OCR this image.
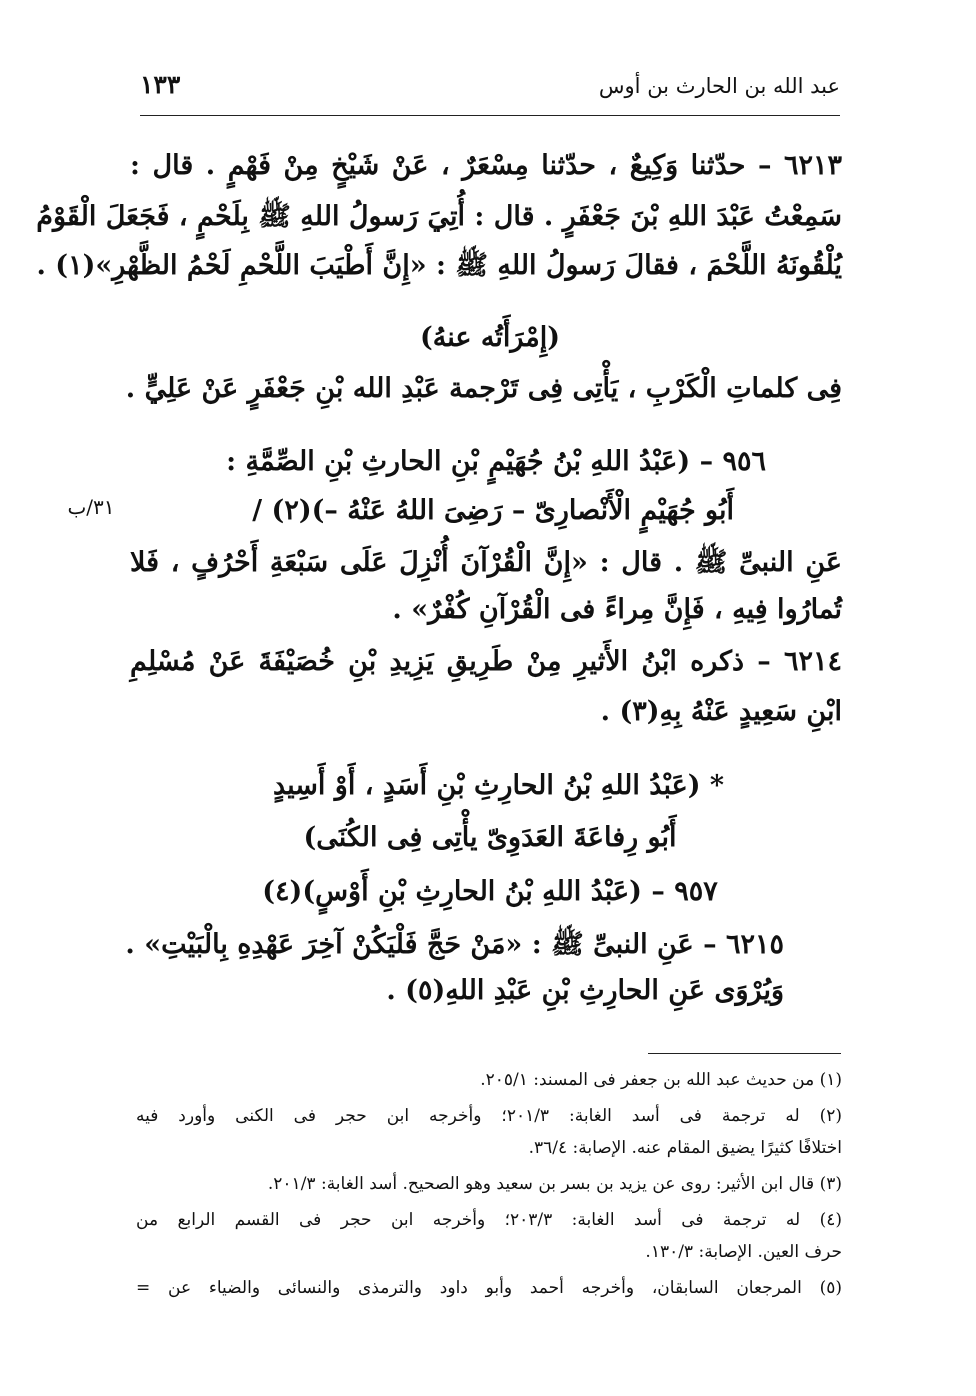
عبد الله بن الحارث بن أوس
١٣٣
٣١/ب
٦٢١٣ – حدّثنا وَكِيعٌ ، حدّثنا مِسْعَرٌ ، عَنْ شَيْخٍ مِنْ فَهْمٍ . قال :
سَمِعْتُ عَبْدَ اللهِ بْنَ جَعْفَرٍ . قال : أُتِيَ رَسولُ اللهِ ﷺ بِلَحْمٍ ، فَجَعَلَ الْقَوْمُ
يُلْقُونَهُ اللَّحْمَ ، فقالَ رَسولُ اللهِ ﷺ : «إِنَّ أَطْيَبَ اللَّحْمِ لَحْمُ الظَّهْرِ»(١) .
(إِمْرَأَتُه عنهُ)
فِى كلماتِ الْكَرْبِ ، يَأْتِى فِى تَرْجمة عَبْدِ الله بْنِ جَعْفَرٍ عَنْ عَلِيٍّ .
٩٥٦ – (عَبْدُ اللهِ بْنُ جُهَيْمٍ بْنِ الحارثِ بْنِ الصِّمَّةِ :
أَبُو جُهَيْمٍ الْأَنْصارِىّ – رَضِىَ اللهُ عَنْهُ –)(٢) /
عَنِ النبىِّ ﷺ . قال : «إِنَّ الْقُرْآنَ أُنْزِلَ عَلَى سَبْعَةِ أَحْرُفٍ ، فَلا
تُمارُوا فِيهِ ، فَإِنَّ مِراءً فى الْقُرْآنِ كُفْرٌ» .
٦٢١٤ – ذكره ابْنُ الأَثيرِ مِنْ طَرِيقِ يَزِيدِ بْنِ خُصَيْفَةَ عَنْ مُسْلِمِ
ابْنِ سَعِيدٍ عَنْهُ بِهِ(٣) .
* (عَبْدُ اللهِ بْنُ الحارِثِ بْنِ أَسَدٍ ، أَوْ أَسِيدٍ
أَبُو رِفاعَةَ العَدَوِىّ يأْتِى فِى الكُنَى)
٩٥٧ – (عَبْدُ اللهِ بْنُ الحارِثِ بْنِ أَوْسٍ)(٤)
٦٢١٥ – عَنِ النبىِّ ﷺ : «مَنْ حَجَّ فَلْيَكُنْ آخِرَ عَهْدِهِ بِالْبَيْتِ» .
وَيُرْوَى عَنِ الحارِثِ بْنِ عَبْدِ اللهِ(٥) .
(١) من حديث عبد الله بن جعفر فى المسند: ٢٠٥/١.
(٢) له ترجمة فى أسد الغابة: ٢٠١/٣؛ وأخرجه ابن حجر فى الكنى وأورد فيه
اختلافًا كثيرًا يضيق المقام عنه. الإصابة: ٣٦/٤.
(٣) قال ابن الأثير: روى عن يزيد بن بسر بن سعيد وهو الصحيح. أسد الغابة: ٢٠١/٣.
(٤) له ترجمة فى أسد الغابة: ٢٠٣/٣؛ وأخرجه ابن حجر فى القسم الرابع من
حرف العين. الإصابة: ١٣٠/٣.
(٥) المرجعان السابقان، وأخرجه أحمد وأبو داود والترمذى والنسائى والضياء عن =
